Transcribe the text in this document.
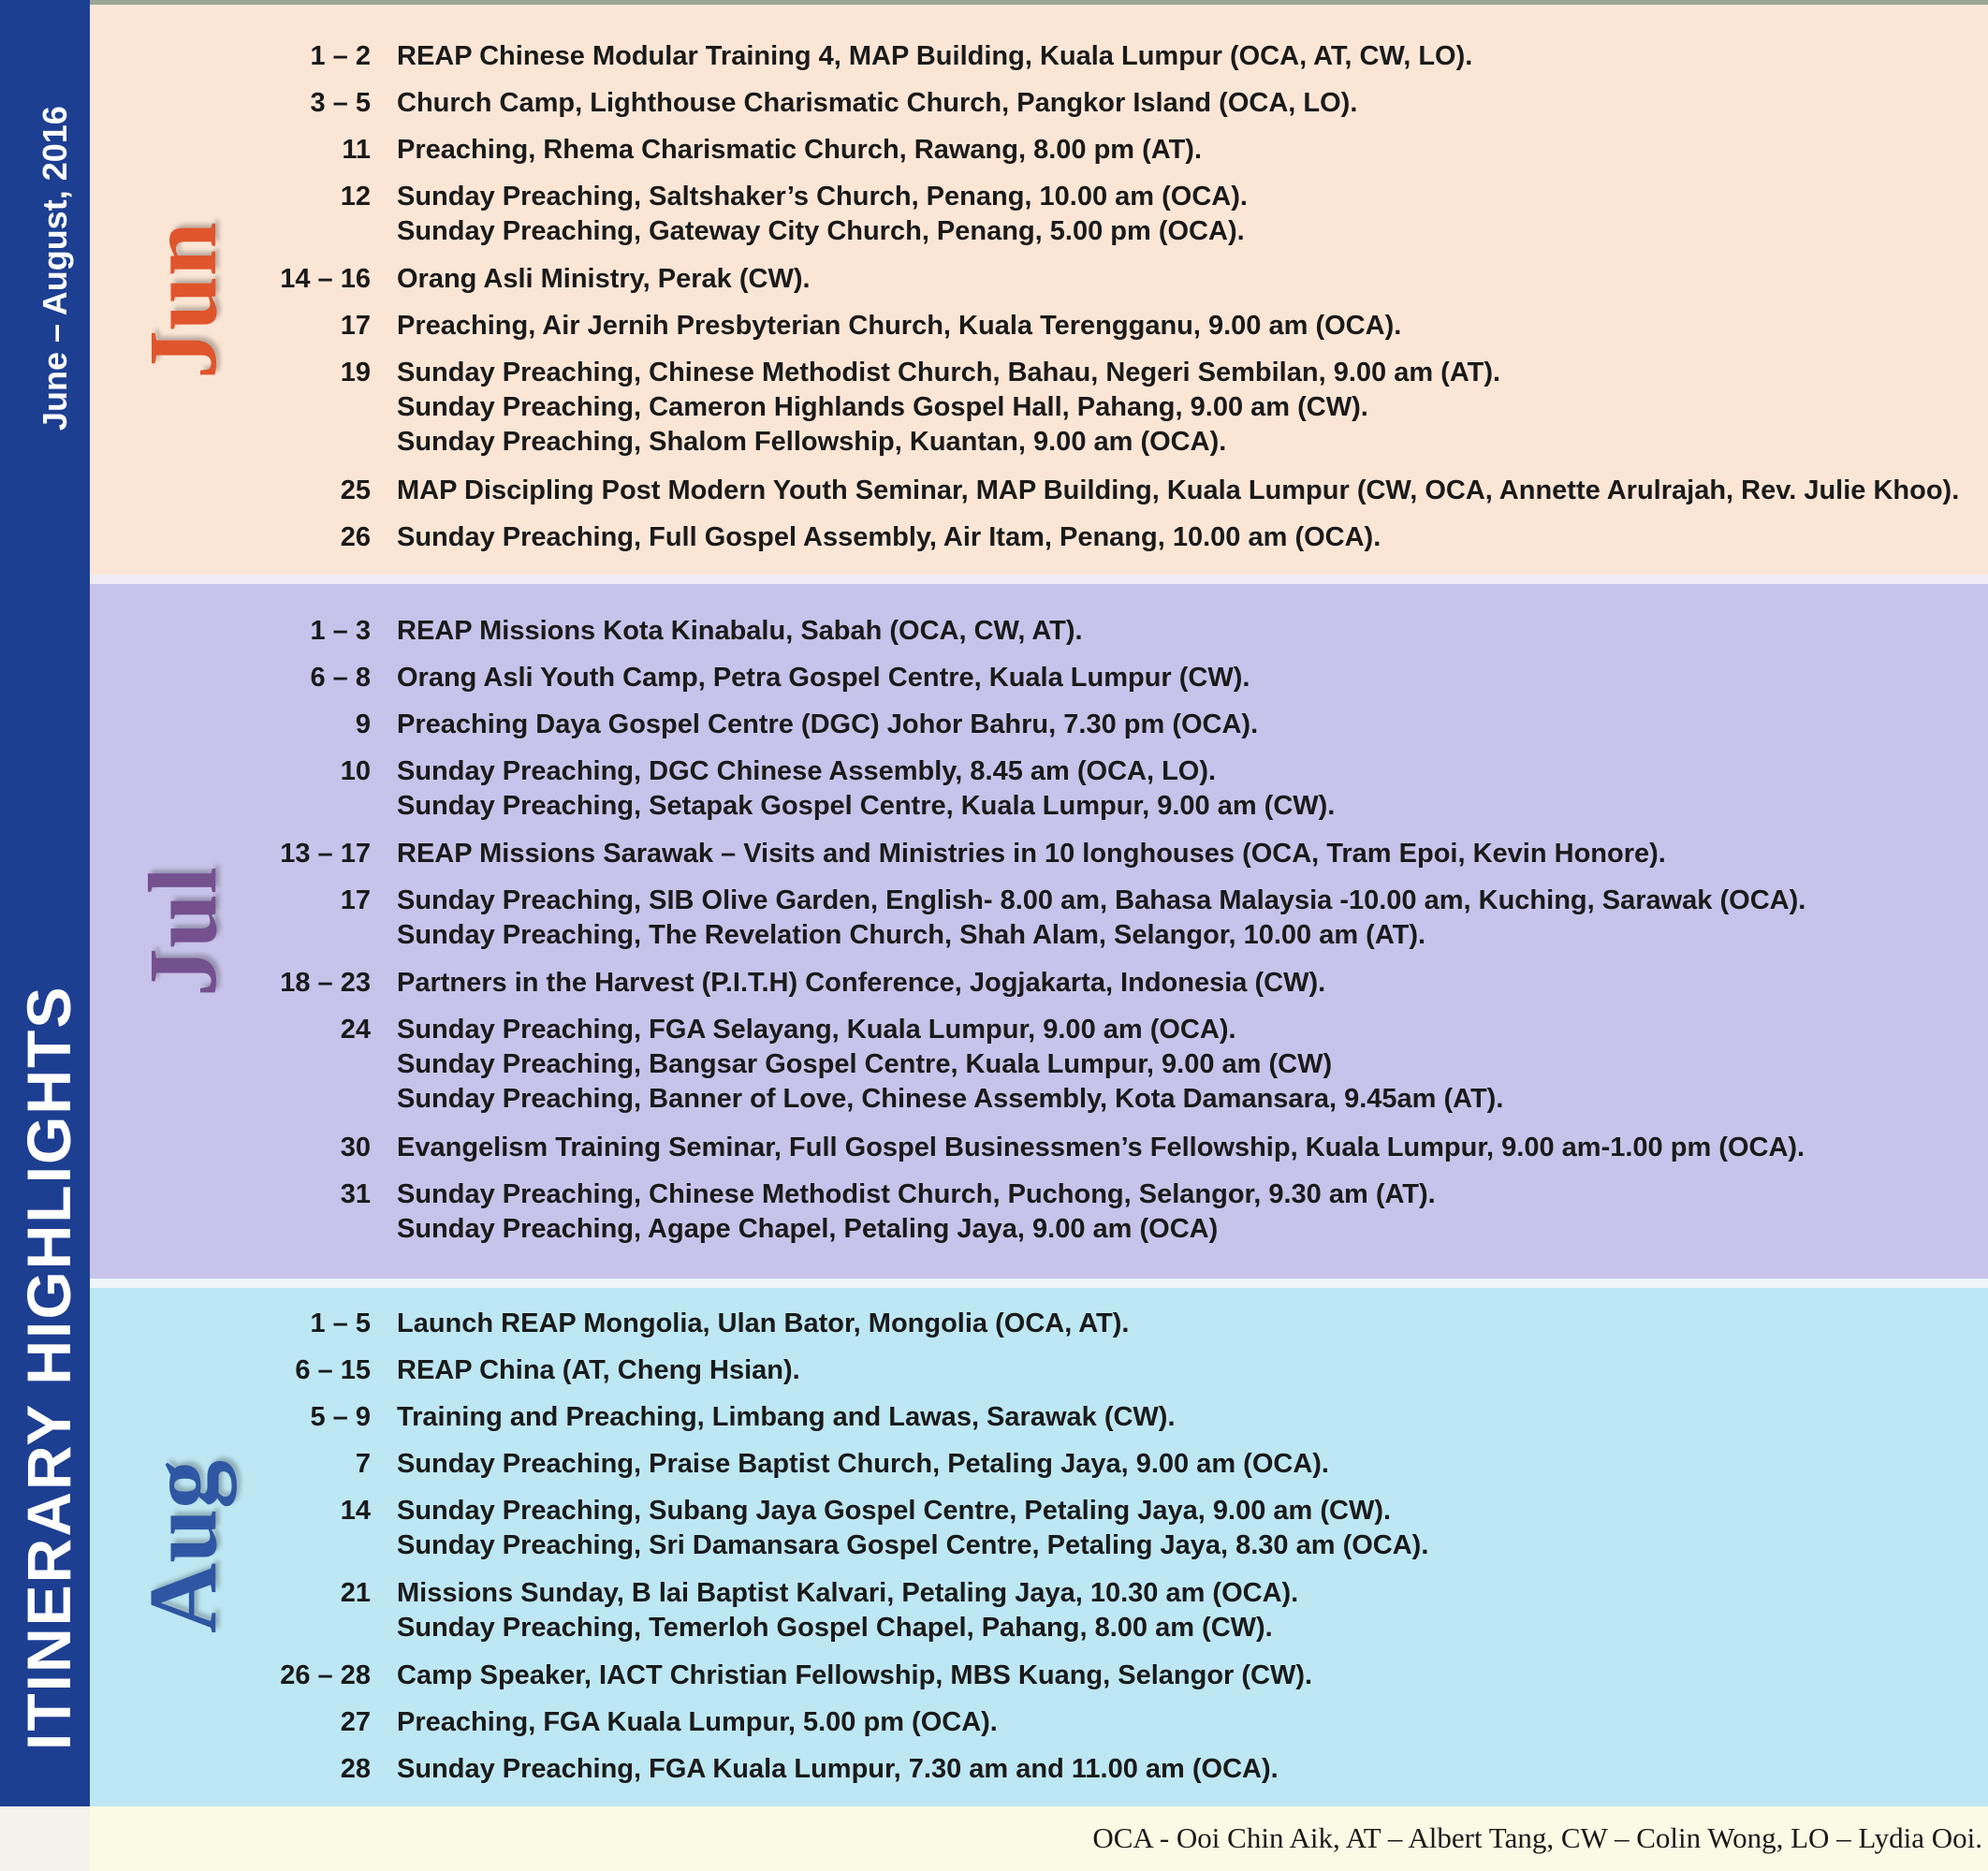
ITINERARY HIGHLIGHTS
June – August, 2016 Jun
Jul
Aug
1 – 2 REAP Chinese Modular Training 4, MAP Building, Kuala Lumpur (OCA, AT, CW, LO).
3 – 5 Church Camp, Lighthouse Charismatic Church, Pangkor Island (OCA, LO).
11 Preaching, Rhema Charismatic Church, Rawang, 8.00 pm (AT).
12 Sunday Preaching, Saltshaker’s Church, Penang, 10.00 am (OCA).
Sunday Preaching, Gateway City Church, Penang, 5.00 pm (OCA).
14 – 16 Orang Asli Ministry, Perak (CW).
17 Preaching, Air Jernih Presbyterian Church, Kuala Terengganu, 9.00 am (OCA).
19 Sunday Preaching, Chinese Methodist Church, Bahau, Negeri Sembilan, 9.00 am (AT).
Sunday Preaching, Cameron Highlands Gospel Hall, Pahang, 9.00 am (CW).
Sunday Preaching, Shalom Fellowship, Kuantan, 9.00 am (OCA).
25 MAP Discipling Post Modern Youth Seminar, MAP Building, Kuala Lumpur (CW, OCA, Annette Arulrajah, Rev. Julie Khoo).
26 Sunday Preaching, Full Gospel Assembly, Air Itam, Penang, 10.00 am (OCA).
1 – 3 REAP Missions Kota Kinabalu, Sabah (OCA, CW, AT).
6 – 8 Orang Asli Youth Camp, Petra Gospel Centre, Kuala Lumpur (CW).
9 Preaching Daya Gospel Centre (DGC) Johor Bahru, 7.30 pm (OCA).
10 Sunday Preaching, DGC Chinese Assembly, 8.45 am (OCA, LO).
Sunday Preaching, Setapak Gospel Centre, Kuala Lumpur, 9.00 am (CW).
13 – 17 REAP Missions Sarawak – Visits and Ministries in 10 longhouses (OCA, Tram Epoi, Kevin Honore).
17 Sunday Preaching, SIB Olive Garden, English- 8.00 am, Bahasa Malaysia -10.00 am, Kuching, Sarawak (OCA).
Sunday Preaching, The Revelation Church, Shah Alam, Selangor, 10.00 am (AT).
18 – 23 Partners in the Harvest (P.I.T.H) Conference, Jogjakarta, Indonesia (CW).
24 Sunday Preaching, FGA Selayang, Kuala Lumpur, 9.00 am (OCA).
Sunday Preaching, Bangsar Gospel Centre, Kuala Lumpur, 9.00 am (CW)
Sunday Preaching, Banner of Love, Chinese Assembly, Kota Damansara, 9.45am (AT).
30 Evangelism Training Seminar, Full Gospel Businessmen’s Fellowship, Kuala Lumpur, 9.00 am-1.00 pm (OCA).
31 Sunday Preaching, Chinese Methodist Church, Puchong, Selangor, 9.30 am (AT).
Sunday Preaching, Agape Chapel, Petaling Jaya, 9.00 am (OCA)
1 – 5 Launch REAP Mongolia, Ulan Bator, Mongolia (OCA, AT).
6 – 15 REAP China (AT, Cheng Hsian).
5 – 9 Training and Preaching, Limbang and Lawas, Sarawak (CW).
7 Sunday Preaching, Praise Baptist Church, Petaling Jaya, 9.00 am (OCA).
14 Sunday Preaching, Subang Jaya Gospel Centre, Petaling Jaya, 9.00 am (CW).
Sunday Preaching, Sri Damansara Gospel Centre, Petaling Jaya, 8.30 am (OCA).
21 Missions Sunday, B lai Baptist Kalvari, Petaling Jaya, 10.30 am (OCA).
Sunday Preaching, Temerloh Gospel Chapel, Pahang, 8.00 am (CW).
26 – 28 Camp Speaker, IACT Christian Fellowship, MBS Kuang, Selangor (CW).
27 Preaching, FGA Kuala Lumpur, 5.00 pm (OCA).
28 Sunday Preaching, FGA Kuala Lumpur, 7.30 am and 11.00 am (OCA).
OCA - Ooi Chin Aik, AT – Albert Tang, CW – Colin Wong, LO – Lydia Ooi.
